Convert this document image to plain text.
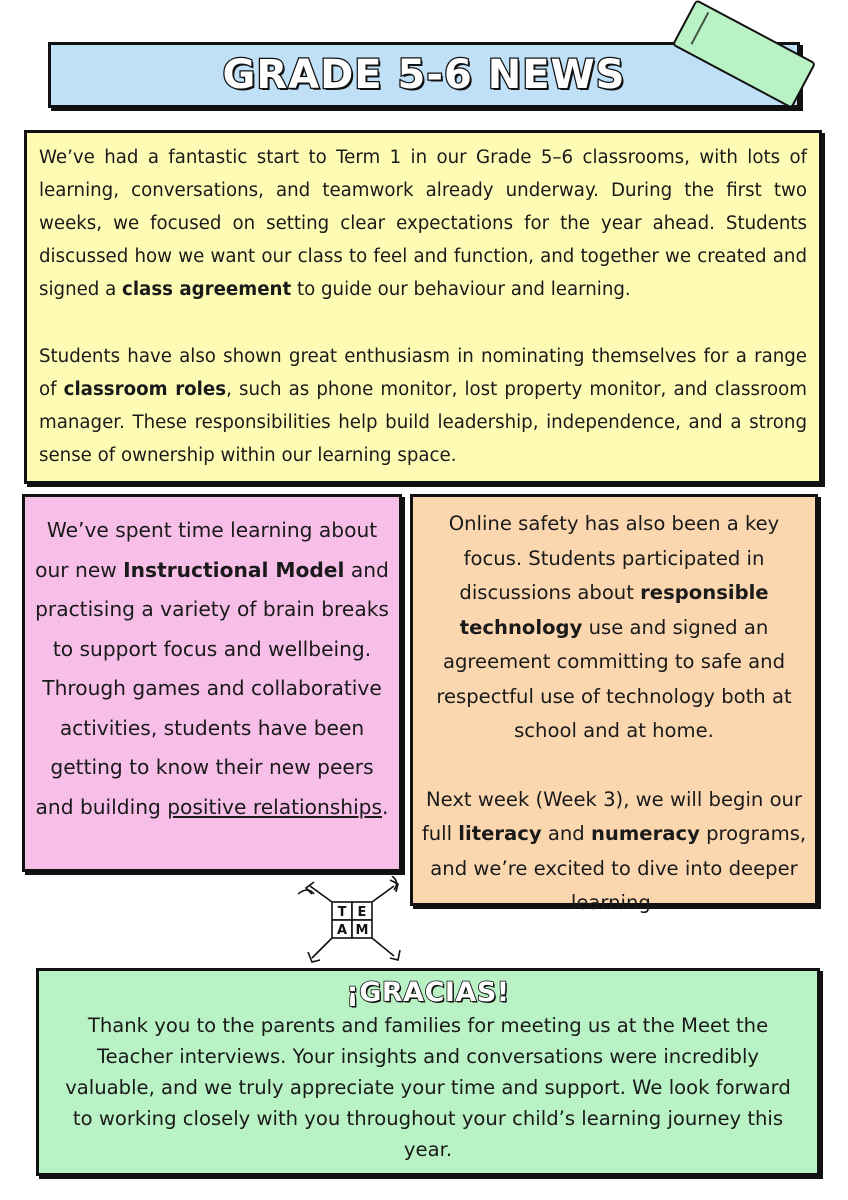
GRADE 5-6 NEWS

We’ve had a fantastic start to Term 1 in our Grade 5–6 classrooms, with lots of learning, conversations, and teamwork already underway. During the first two weeks, we focused on setting clear expectations for the year ahead. Students discussed how we want our class to feel and function, and together we created and signed a class agreement to guide our behaviour and learning.

Students have also shown great enthusiasm in nominating themselves for a range of classroom roles, such as phone monitor, lost property monitor, and classroom manager. These responsibilities help build leadership, independence, and a strong sense of ownership within our learning space.

We’ve spent time learning about our new Instructional Model and practising a variety of brain breaks to support focus and wellbeing. Through games and collaborative activities, students have been getting to know their new peers and building positive relationships.

Online safety has also been a key focus. Students participated in discussions about responsible technology use and signed an agreement committing to safe and respectful use of technology both at school and at home.

Next week (Week 3), we will begin our full literacy and numeracy programs, and we’re excited to dive into deeper learning.

T E
A M
¡GRACIAS!

Thank you to the parents and families for meeting us at the Meet the Teacher interviews. Your insights and conversations were incredibly valuable, and we truly appreciate your time and support. We look forward to working closely with you throughout your child’s learning journey this year.
